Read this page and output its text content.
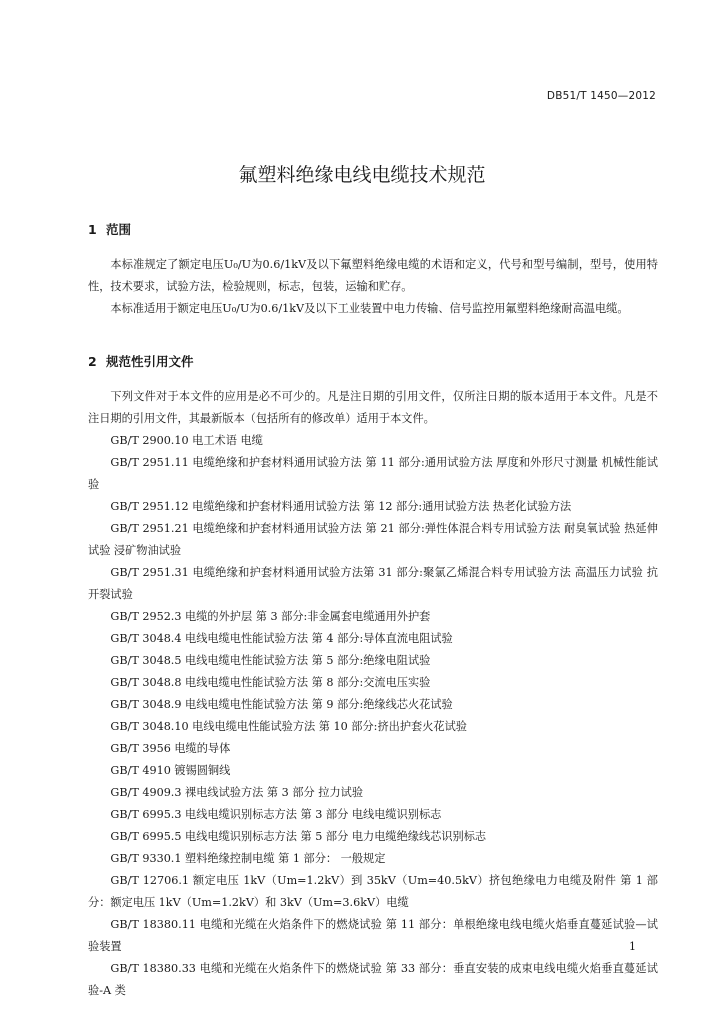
DB51/T 1450—2012
氟塑料绝缘电线电缆技术规范
1 范围

本标准规定了额定电压U₀/U为0.6/1kV及以下氟塑料绝缘电缆的术语和定义，代号和型号编制，型号，使用特性，技术要求，试验方法，检验规则，标志，包装，运输和贮存。

本标准适用于额定电压U₀/U为0.6/1kV及以下工业装置中电力传输、信号监控用氟塑料绝缘耐高温电缆。

2 规范性引用文件

下列文件对于本文件的应用是必不可少的。凡是注日期的引用文件，仅所注日期的版本适用于本文件。凡是不注日期的引用文件，其最新版本（包括所有的修改单）适用于本文件。

GB/T 2900.10 电工术语 电缆

GB/T 2951.11 电缆绝缘和护套材料通用试验方法 第 11 部分:通用试验方法 厚度和外形尺寸测量 机械性能试验

GB/T 2951.12 电缆绝缘和护套材料通用试验方法 第 12 部分:通用试验方法 热老化试验方法

GB/T 2951.21 电缆绝缘和护套材料通用试验方法 第 21 部分:弹性体混合料专用试验方法 耐臭氧试验 热延伸试验 浸矿物油试验

GB/T 2951.31 电缆绝缘和护套材料通用试验方法第 31 部分:聚氯乙烯混合料专用试验方法 高温压力试验 抗开裂试验

GB/T 2952.3 电缆的外护层 第 3 部分:非金属套电缆通用外护套

GB/T 3048.4 电线电缆电性能试验方法 第 4 部分:导体直流电阻试验

GB/T 3048.5 电线电缆电性能试验方法 第 5 部分:绝缘电阻试验

GB/T 3048.8 电线电缆电性能试验方法 第 8 部分:交流电压实验

GB/T 3048.9 电线电缆电性能试验方法 第 9 部分:绝缘线芯火花试验

GB/T 3048.10 电线电缆电性能试验方法 第 10 部分:挤出护套火花试验

GB/T 3956 电缆的导体

GB/T 4910 镀锡圆铜线

GB/T 4909.3 裸电线试验方法 第 3 部分 拉力试验

GB/T 6995.3 电线电缆识别标志方法 第 3 部分 电线电缆识别标志

GB/T 6995.5 电线电缆识别标志方法 第 5 部分 电力电缆绝缘线芯识别标志

GB/T 9330.1 塑料绝缘控制电缆 第 1 部分： 一般规定

GB/T 12706.1 额定电压 1kV（Um=1.2kV）到 35kV（Um=40.5kV）挤包绝缘电力电缆及附件 第 1 部分：额定电压 1kV（Um=1.2kV）和 3kV（Um=3.6kV）电缆

GB/T 18380.11 电缆和光缆在火焰条件下的燃烧试验 第 11 部分：单根绝缘电线电缆火焰垂直蔓延试验—试验装置

GB/T 18380.33 电缆和光缆在火焰条件下的燃烧试验 第 33 部分：垂直安装的成束电线电缆火焰垂直蔓延试验-A 类

1
